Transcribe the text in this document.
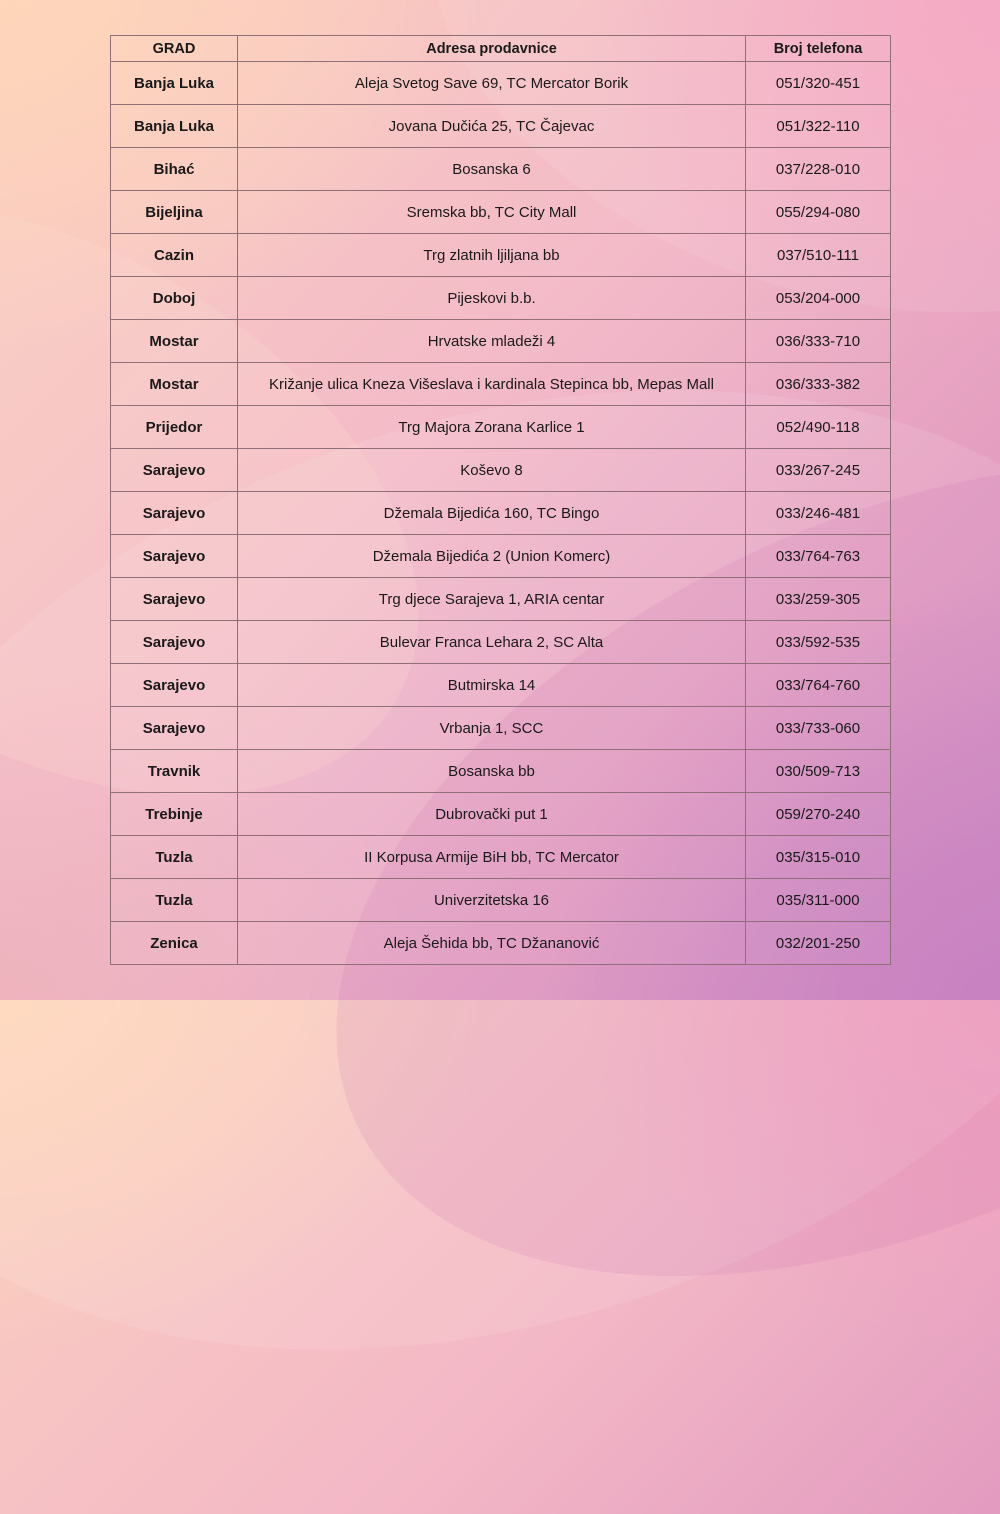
GRAD	Adresa prodavnice	Broj telefona
Banja Luka	Aleja Svetog Save 69, TC Mercator Borik	051/320-451
Banja Luka	Jovana Dučića 25, TC Čajevac	051/322-110
Bihać	Bosanska 6	037/228-010
Bijeljina	Sremska bb, TC City Mall	055/294-080
Cazin	Trg zlatnih ljiljana bb	037/510-111
Doboj	Pijeskovi b.b.	053/204-000
Mostar	Hrvatske mladeži 4	036/333-710
Mostar	Križanje ulica Kneza Višeslava i kardinala Stepinca bb, Mepas Mall	036/333-382
Prijedor	Trg Majora Zorana Karlice 1	052/490-118
Sarajevo	Koševo 8	033/267-245
Sarajevo	Džemala Bijedića 160, TC Bingo	033/246-481
Sarajevo	Džemala Bijedića 2 (Union Komerc)	033/764-763
Sarajevo	Trg djece Sarajeva 1, ARIA centar	033/259-305
Sarajevo	Bulevar Franca Lehara 2, SC Alta	033/592-535
Sarajevo	Butmirska 14	033/764-760
Sarajevo	Vrbanja 1, SCC	033/733-060
Travnik	Bosanska bb	030/509-713
Trebinje	Dubrovački put 1	059/270-240
Tuzla	II Korpusa Armije BiH bb, TC Mercator	035/315-010
Tuzla	Univerzitetska 16	035/311-000
Zenica	Aleja Šehida bb, TC Džananović	032/201-250
